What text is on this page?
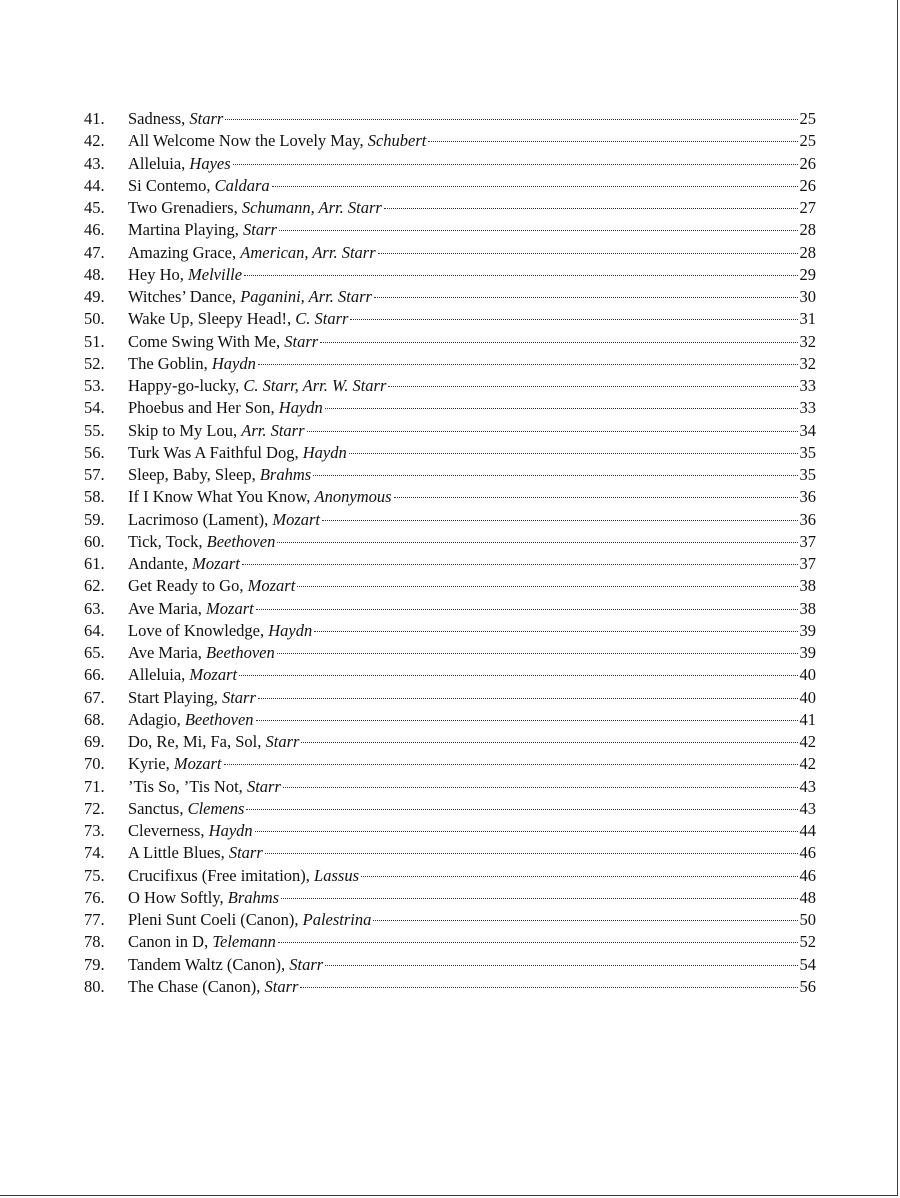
41.	Sadness, Starr	25
42.	All Welcome Now the Lovely May, Schubert	25
43.	Alleluia, Hayes	26
44.	Si Contemo, Caldara	26
45.	Two Grenadiers, Schumann, Arr. Starr	27
46.	Martina Playing, Starr	28
47.	Amazing Grace, American, Arr. Starr	28
48.	Hey Ho, Melville	29
49.	Witches’ Dance, Paganini, Arr. Starr	30
50.	Wake Up, Sleepy Head!, C. Starr	31
51.	Come Swing With Me, Starr	32
52.	The Goblin, Haydn	32
53.	Happy-go-lucky, C. Starr, Arr. W. Starr	33
54.	Phoebus and Her Son, Haydn	33
55.	Skip to My Lou, Arr. Starr	34
56.	Turk Was A Faithful Dog, Haydn	35
57.	Sleep, Baby, Sleep, Brahms	35
58.	If I Know What You Know, Anonymous	36
59.	Lacrimoso (Lament), Mozart	36
60.	Tick, Tock, Beethoven	37
61.	Andante, Mozart	37
62.	Get Ready to Go, Mozart	38
63.	Ave Maria, Mozart	38
64.	Love of Knowledge, Haydn	39
65.	Ave Maria, Beethoven	39
66.	Alleluia, Mozart	40
67.	Start Playing, Starr	40
68.	Adagio, Beethoven	41
69.	Do, Re, Mi, Fa, Sol, Starr	42
70.	Kyrie, Mozart	42
71.	’Tis So, ’Tis Not, Starr	43
72.	Sanctus, Clemens	43
73.	Cleverness, Haydn	44
74.	A Little Blues, Starr	46
75.	Crucifixus (Free imitation), Lassus	46
76.	O How Softly, Brahms	48
77.	Pleni Sunt Coeli (Canon), Palestrina	50
78.	Canon in D, Telemann	52
79.	Tandem Waltz (Canon), Starr	54
80.	The Chase (Canon), Starr	56
